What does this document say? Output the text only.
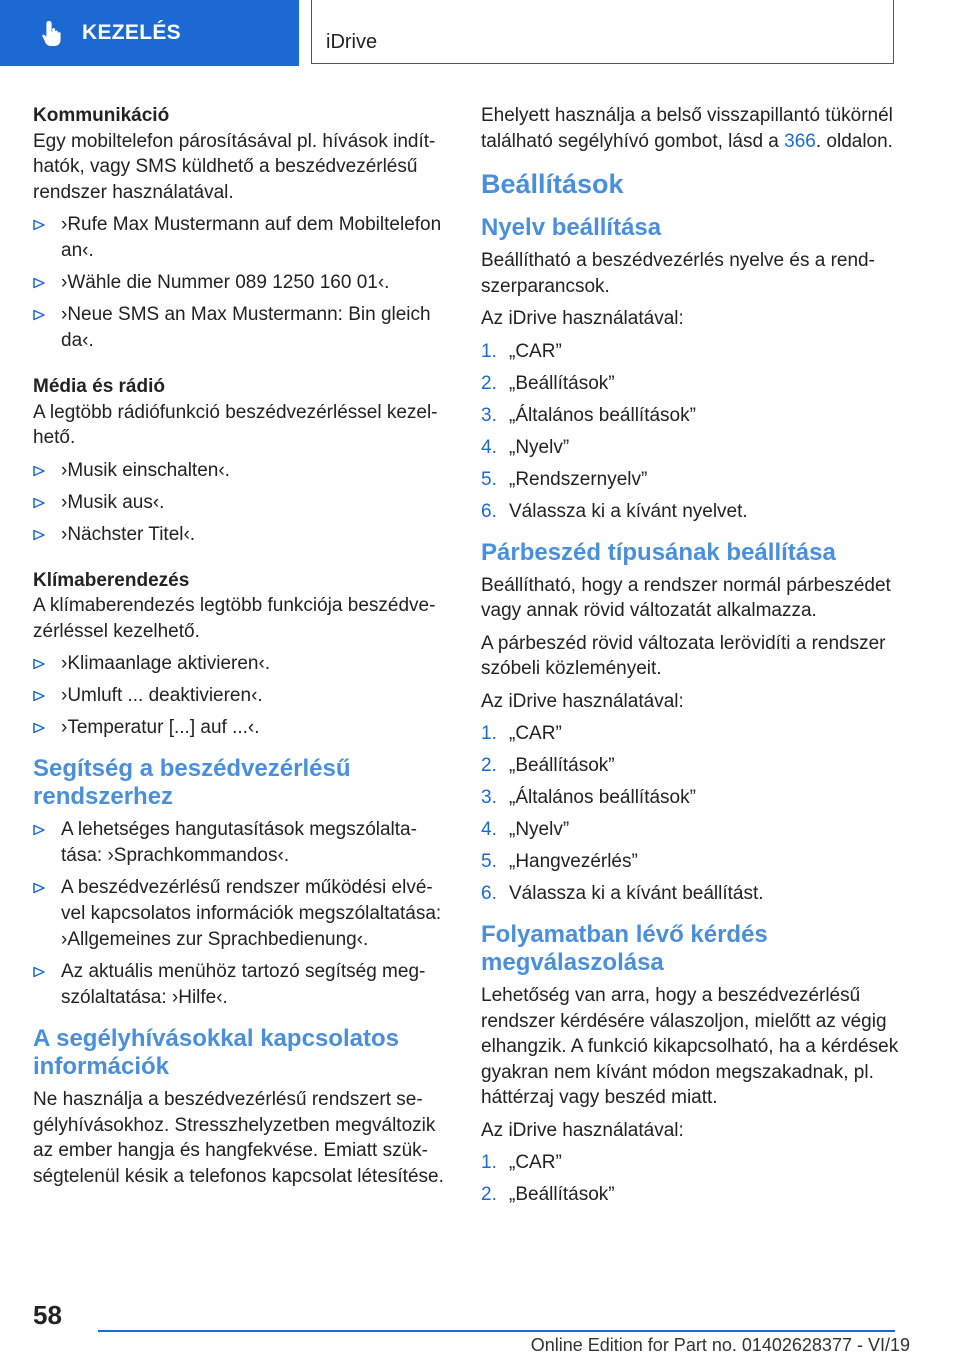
KEZELÉS	iDrive

Kommunikáció

Egy mobiltelefon párosításával pl. hívások indít-hatók, vagy SMS küldhető a beszédvezérlésű rendszer használatával.

›Rufe Max Mustermann auf dem Mobiltelefon an‹.
›Wähle die Nummer 089 1250 160 01‹.
›Neue SMS an Max Mustermann: Bin gleich da‹.

Média és rádió

A legtöbb rádiófunkció beszédvezérléssel kezel-hető.

›Musik einschalten‹.
›Musik aus‹.
›Nächster Titel‹.

Klímaberendezés

A klímaberendezés legtöbb funkciója beszédve-zérléssel kezelhető.

›Klimaanlage aktivieren‹.
›Umluft ... deaktivieren‹.
›Temperatur [...] auf ...‹.
Segítség a beszédvezérlésű rendszerhez
A lehetséges hangutasítások megszólalta-tása: ›Sprachkommandos‹.
A beszédvezérlésű rendszer működési elvé-vel kapcsolatos információk megszólaltatása: ›Allgemeines zur Sprachbedienung‹.
Az aktuális menühöz tartozó segítség meg-szólaltatása: ›Hilfe‹.
A segélyhívásokkal kapcsolatos információk

Ne használja a beszédvezérlésű rendszert se-gélyhívásokhoz. Stresszhelyzetben megváltozik az ember hangja és hangfekvése. Emiatt szük-ségtelenül késik a telefonos kapcsolat létesítése.

Ehelyett használja a belső visszapillantó tükörnél található segélyhívó gombot, lásd a 366. oldalon.

Beállítások
Nyelv beállítása

Beállítható a beszédvezérlés nyelve és a rend-szerparancsok.

Az iDrive használatával:

1. „CAR”
2. „Beállítások”
3. „Általános beállítások”
4. „Nyelv”
5. „Rendszernyelv”
6. Válassza ki a kívánt nyelvet.
Párbeszéd típusának beállítása

Beállítható, hogy a rendszer normál párbeszédet vagy annak rövid változatát alkalmazza.

A párbeszéd rövid változata lerövidíti a rendszer szóbeli közleményeit.

Az iDrive használatával:

1. „CAR”
2. „Beállítások”
3. „Általános beállítások”
4. „Nyelv”
5. „Hangvezérlés”
6. Válassza ki a kívánt beállítást.
Folyamatban lévő kérdés megválaszolása

Lehetőség van arra, hogy a beszédvezérlésű rendszer kérdésére válaszoljon, mielőtt az végig elhangzik. A funkció kikapcsolható, ha a kérdések gyakran nem kívánt módon megszakadnak, pl. háttérzaj vagy beszéd miatt.

Az iDrive használatával:

1. „CAR”
2. „Beállítások”
58
Online Edition for Part no. 01402628377 - VI/19
